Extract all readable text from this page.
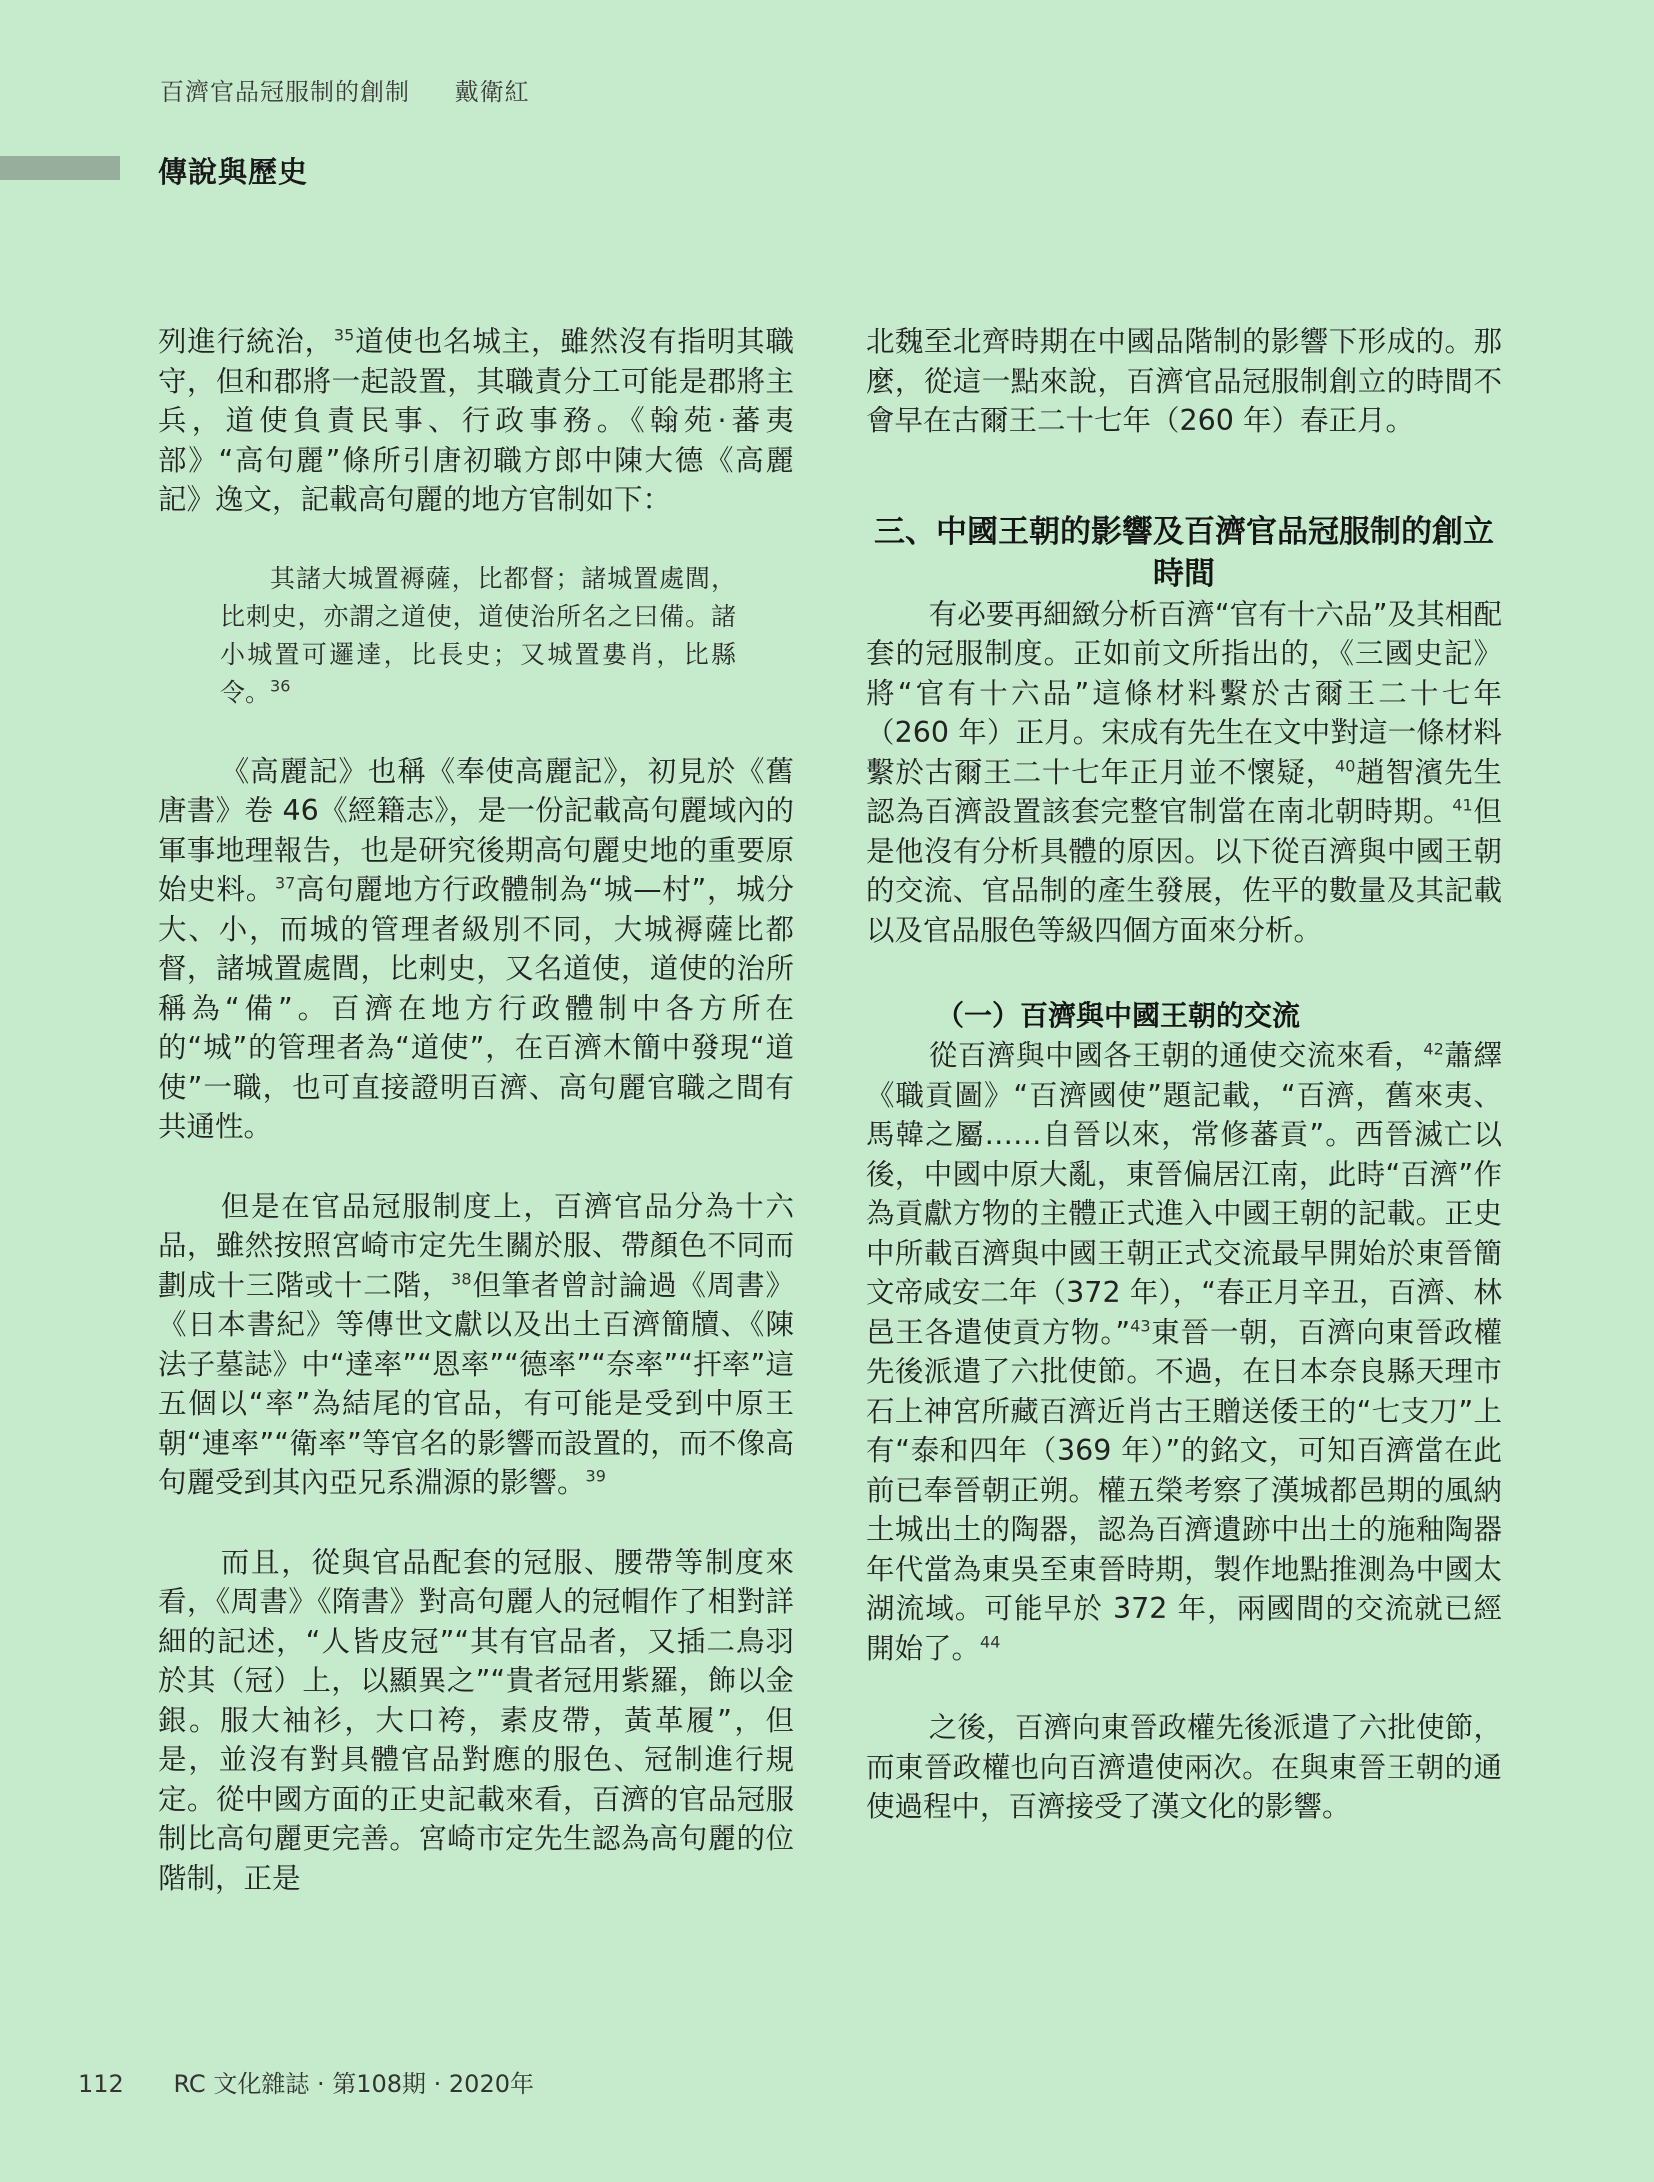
百濟官品冠服制的創制 戴衛紅
傳說與歷史

列進行統治，$^{35}$道使也名城主，雖然沒有指明其職守，但和郡將一起設置，其職責分工可能是郡將主兵，道使負責民事、行政事務。《翰苑·蕃夷部》“高句麗”條所引唐初職方郎中陳大德《高麗記》逸文，記載高句麗的地方官制如下：

其諸大城置褥薩，比都督；諸城置處閭，比刺史，亦謂之道使，道使治所名之曰備。諸小城置可邏達，比長史；又城置婁肖，比縣令。$^{36}$

《高麗記》也稱《奉使高麗記》，初見於《舊唐書》卷 46《經籍志》，是一份記載高句麗域內的軍事地理報告，也是研究後期高句麗史地的重要原始史料。$^{37}$高句麗地方行政體制為“城—村”，城分大、小，而城的管理者級別不同，大城褥薩比都督，諸城置處閭，比刺史，又名道使，道使的治所稱為“備”。百濟在地方行政體制中各方所在的“城”的管理者為“道使”，在百濟木簡中發現“道使”一職，也可直接證明百濟、高句麗官職之間有共通性。

但是在官品冠服制度上，百濟官品分為十六品，雖然按照宮崎市定先生關於服、帶顏色不同而劃成十三階或十二階，$^{38}$但筆者曾討論過《周書》《日本書紀》等傳世文獻以及出土百濟簡牘、《陳法子墓誌》中“達率”“恩率”“德率”“奈率”“扞率”這五個以“率”為結尾的官品，有可能是受到中原王朝“連率”“衛率”等官名的影響而設置的，而不像高句麗受到其內亞兄系淵源的影響。$^{39}$

而且，從與官品配套的冠服、腰帶等制度來看，《周書》《隋書》對高句麗人的冠帽作了相對詳細的記述，“人皆皮冠”“其有官品者，又插二鳥羽於其（冠）上，以顯異之”“貴者冠用紫羅，飾以金銀。服大袖衫，大口袴，素皮帶，黃革履”，但是，並沒有對具體官品對應的服色、冠制進行規定。從中國方面的正史記載來看，百濟的官品冠服制比高句麗更完善。宮崎市定先生認為高句麗的位階制，正是

北魏至北齊時期在中國品階制的影響下形成的。那麼，從這一點來說，百濟官品冠服制創立的時間不會早在古爾王二十七年（260 年）春正月。

三、中國王朝的影響及百濟官品冠服制的創立
時間

有必要再細緻分析百濟“官有十六品”及其相配套的冠服制度。正如前文所指出的，《三國史記》將“官有十六品”這條材料繫於古爾王二十七年（260 年）正月。宋成有先生在文中對這一條材料繫於古爾王二十七年正月並不懷疑，$^{40}$趙智濱先生認為百濟設置該套完整官制當在南北朝時期。$^{41}$但是他沒有分析具體的原因。以下從百濟與中國王朝的交流、官品制的產生發展，佐平的數量及其記載以及官品服色等級四個方面來分析。

（一）百濟與中國王朝的交流

從百濟與中國各王朝的通使交流來看，$^{42}$蕭繹《職貢圖》“百濟國使”題記載，“百濟，舊來夷、馬韓之屬……自晉以來，常修蕃貢”。西晉滅亡以後，中國中原大亂，東晉偏居江南，此時“百濟”作為貢獻方物的主體正式進入中國王朝的記載。正史中所載百濟與中國王朝正式交流最早開始於東晉簡文帝咸安二年（372 年），“春正月辛丑，百濟、林邑王各遣使貢方物。”$^{43}$東晉一朝，百濟向東晉政權先後派遣了六批使節。不過，在日本奈良縣天理市石上神宮所藏百濟近肖古王贈送倭王的“七支刀”上有“泰和四年（369 年）”的銘文，可知百濟當在此前已奉晉朝正朔。權五榮考察了漢城都邑期的風納土城出土的陶器，認為百濟遺跡中出土的施釉陶器年代當為東吳至東晉時期，製作地點推測為中國太湖流域。可能早於 372 年，兩國間的交流就已經開始了。$^{44}$

之後，百濟向東晉政權先後派遣了六批使節，而東晉政權也向百濟遣使兩次。在與東晉王朝的通使過程中，百濟接受了漢文化的影響。

112 RC 文化雜誌 · 第108期 · 2020年
